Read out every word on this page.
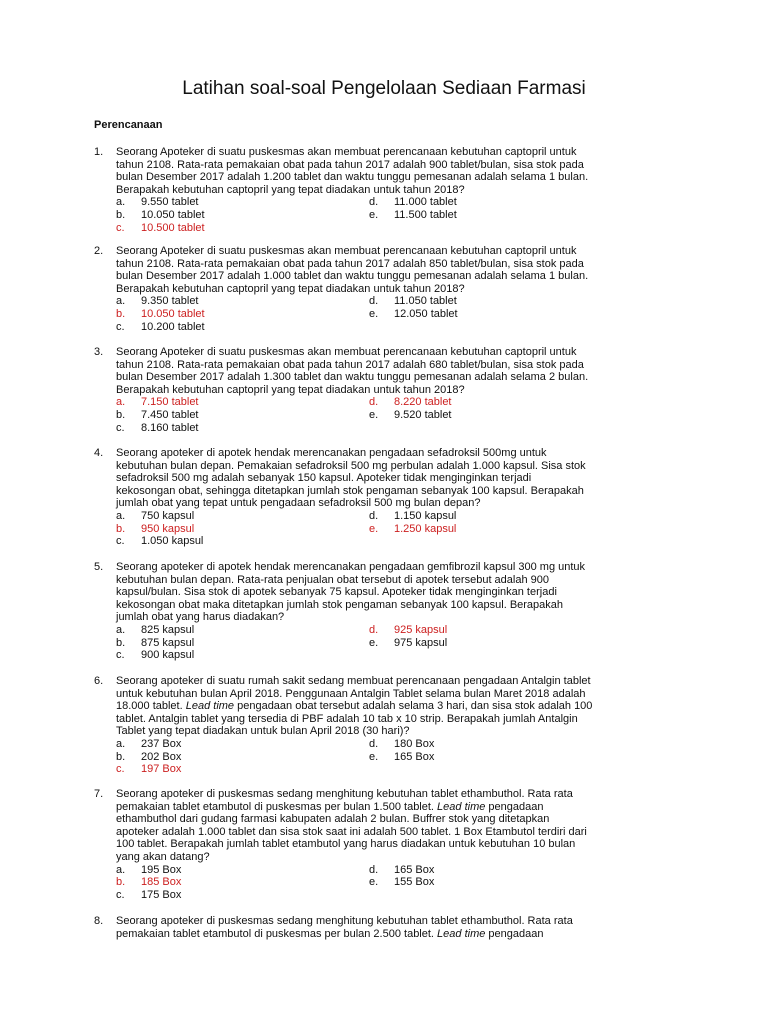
Latihan soal-soal Pengelolaan Sediaan Farmasi
Perencanaan
1.	Seorang Apoteker di suatu puskesmas akan membuat perencanaan kebutuhan captopril untuk

tahun 2108. Rata-rata pemakaian obat pada tahun 2017 adalah 900 tablet/bulan, sisa stok pada

bulan Desember 2017 adalah 1.200 tablet dan waktu tunggu pemesanan adalah selama 1 bulan.

Berapakah kebutuhan captopril yang tepat diadakan untuk tahun 2018?

a.	9.550 tablet	d.	11.000 tablet
b.	10.050 tablet	e.	11.500 tablet
c.	10.500 tablet
2.	Seorang Apoteker di suatu puskesmas akan membuat perencanaan kebutuhan captopril untuk

tahun 2108. Rata-rata pemakaian obat pada tahun 2017 adalah 850 tablet/bulan, sisa stok pada

bulan Desember 2017 adalah 1.000 tablet dan waktu tunggu pemesanan adalah selama 1 bulan.

Berapakah kebutuhan captopril yang tepat diadakan untuk tahun 2018?

a.	9.350 tablet	d.	11.050 tablet
b.	10.050 tablet	e.	12.050 tablet
c.	10.200 tablet
3.	Seorang Apoteker di suatu puskesmas akan membuat perencanaan kebutuhan captopril untuk

tahun 2108. Rata-rata pemakaian obat pada tahun 2017 adalah 680 tablet/bulan, sisa stok pada

bulan Desember 2017 adalah 1.300 tablet dan waktu tunggu pemesanan adalah selama 2 bulan.

Berapakah kebutuhan captopril yang tepat diadakan untuk tahun 2018?

a.	7.150 tablet	d.	8.220 tablet
b.	7.450 tablet	e.	9.520 tablet
c.	8.160 tablet
4.	Seorang apoteker di apotek hendak merencanakan pengadaan sefadroksil 500mg untuk

kebutuhan bulan depan. Pemakaian sefadroksil 500 mg perbulan adalah 1.000 kapsul. Sisa stok

sefadroksil 500 mg adalah sebanyak 150 kapsul. Apoteker tidak menginginkan terjadi

kekosongan obat, sehingga ditetapkan jumlah stok pengaman sebanyak 100 kapsul. Berapakah

jumlah obat yang tepat untuk pengadaan sefadroksil 500 mg bulan depan?

a.	750 kapsul	d.	1.150 kapsul
b.	950 kapsul	e.	1.250 kapsul
c.	1.050 kapsul
5.	Seorang apoteker di apotek hendak merencanakan pengadaan gemfibrozil kapsul 300 mg untuk

kebutuhan bulan depan. Rata-rata penjualan obat tersebut di apotek tersebut adalah 900

kapsul/bulan. Sisa stok di apotek sebanyak 75 kapsul. Apoteker tidak menginginkan terjadi

kekosongan obat maka ditetapkan jumlah stok pengaman sebanyak 100 kapsul. Berapakah

jumlah obat yang harus diadakan?

a.	825 kapsul	d.	925 kapsul
b.	875 kapsul	e.	975 kapsul
c.	900 kapsul
6.	Seorang apoteker di suatu rumah sakit sedang membuat perencanaan pengadaan Antalgin tablet

untuk kebutuhan bulan April 2018. Penggunaan Antalgin Tablet selama bulan Maret 2018 adalah

18.000 tablet. Lead time pengadaan obat tersebut adalah selama 3 hari, dan sisa stok adalah 100

tablet. Antalgin tablet yang tersedia di PBF adalah 10 tab x 10 strip. Berapakah jumlah Antalgin

Tablet yang tepat diadakan untuk bulan April 2018 (30 hari)?

a.	237 Box	d.	180 Box
b.	202 Box	e.	165 Box
c.	197 Box
7.	Seorang apoteker di puskesmas sedang menghitung kebutuhan tablet ethambuthol. Rata rata

pemakaian tablet etambutol di puskesmas per bulan 1.500 tablet. Lead time pengadaan

ethambuthol dari gudang farmasi kabupaten adalah 2 bulan. Buffrer stok yang ditetapkan

apoteker adalah 1.000 tablet dan sisa stok saat ini adalah 500 tablet. 1 Box Etambutol terdiri dari

100 tablet. Berapakah jumlah tablet etambutol yang harus diadakan untuk kebutuhan 10 bulan

yang akan datang?

a.	195 Box	d.	165 Box
b.	185 Box	e.	155 Box
c.	175 Box
8.	Seorang apoteker di puskesmas sedang menghitung kebutuhan tablet ethambuthol. Rata rata

pemakaian tablet etambutol di puskesmas per bulan 2.500 tablet. Lead time pengadaan
